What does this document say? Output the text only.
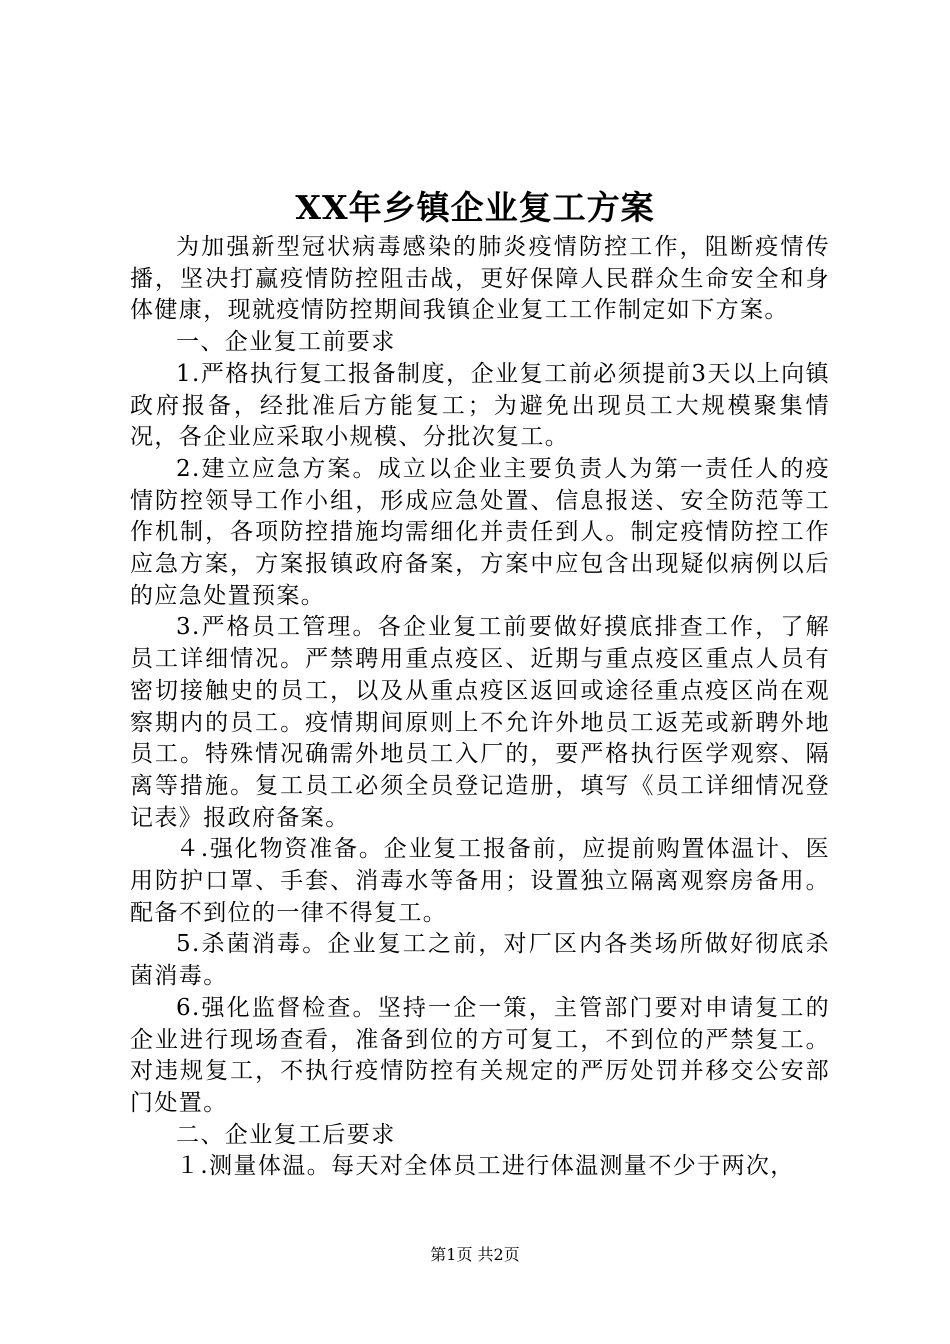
XX年乡镇企业复工方案

为加强新型冠状病毒感染的肺炎疫情防控工作，阻断疫情传播，坚决打赢疫情防控阻击战，更好保障人民群众生命安全和身体健康，现就疫情防控期间我镇企业复工工作制定如下方案。

一、企业复工前要求

1.严格执行复工报备制度，企业复工前必须提前3天以上向镇政府报备，经批准后方能复工；为避免出现员工大规模聚集情况，各企业应采取小规模、分批次复工。

2.建立应急方案。成立以企业主要负责人为第一责任人的疫情防控领导工作小组，形成应急处置、信息报送、安全防范等工作机制，各项防控措施均需细化并责任到人。制定疫情防控工作应急方案，方案报镇政府备案，方案中应包含出现疑似病例以后的应急处置预案。

3.严格员工管理。各企业复工前要做好摸底排查工作，了解员工详细情况。严禁聘用重点疫区、近期与重点疫区重点人员有密切接触史的员工，以及从重点疫区返回或途径重点疫区尚在观察期内的员工。疫情期间原则上不允许外地员工返芜或新聘外地员工。特殊情况确需外地员工入厂的，要严格执行医学观察、隔离等措施。复工员工必须全员登记造册，填写《员工详细情况登记表》报政府备案。

４.强化物资准备。企业复工报备前，应提前购置体温计、医用防护口罩、手套、消毒水等备用；设置独立隔离观察房备用。配备不到位的一律不得复工。

5.杀菌消毒。企业复工之前，对厂区内各类场所做好彻底杀菌消毒。

6.强化监督检查。坚持一企一策，主管部门要对申请复工的企业进行现场查看，准备到位的方可复工，不到位的严禁复工。对违规复工，不执行疫情防控有关规定的严厉处罚并移交公安部门处置。

二、企业复工后要求

１.测量体温。每天对全体员工进行体温测量不少于两次，

第1页 共2页
